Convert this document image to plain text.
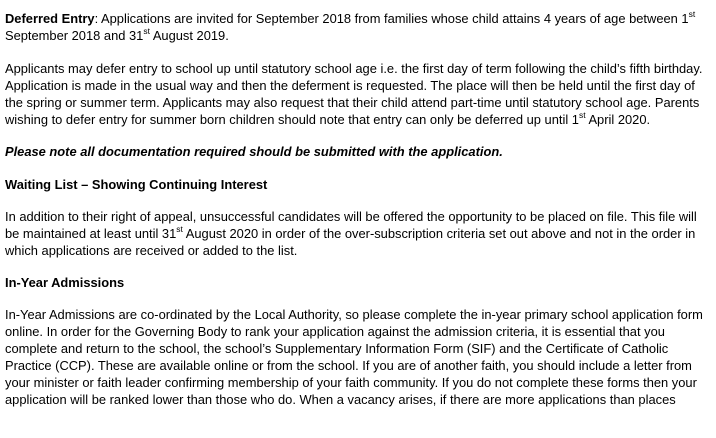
Deferred Entry: Applications are invited for September 2018 from families whose child attains 4 years of age between 1st September 2018 and 31st August 2019.

Applicants may defer entry to school up until statutory school age i.e. the first day of term following the child’s fifth birthday. Application is made in the usual way and then the deferment is requested. The place will then be held until the first day of the spring or summer term. Applicants may also request that their child attend part-time until statutory school age. Parents wishing to defer entry for summer born children should note that entry can only be deferred up until 1st April 2020.

Please note all documentation required should be submitted with the application.

Waiting List – Showing Continuing Interest

In addition to their right of appeal, unsuccessful candidates will be offered the opportunity to be placed on file. This file will be maintained at least until 31st August 2020 in order of the over-subscription criteria set out above and not in the order in which applications are received or added to the list.

In-Year Admissions

In-Year Admissions are co-ordinated by the Local Authority, so please complete the in-year primary school application form online. In order for the Governing Body to rank your application against the admission criteria, it is essential that you complete and return to the school, the school’s Supplementary Information Form (SIF) and the Certificate of Catholic Practice (CCP). These are available online or from the school. If you are of another faith, you should include a letter from your minister or faith leader confirming membership of your faith community. If you do not complete these forms then your application will be ranked lower than those who do. When a vacancy arises, if there are more applications than places
